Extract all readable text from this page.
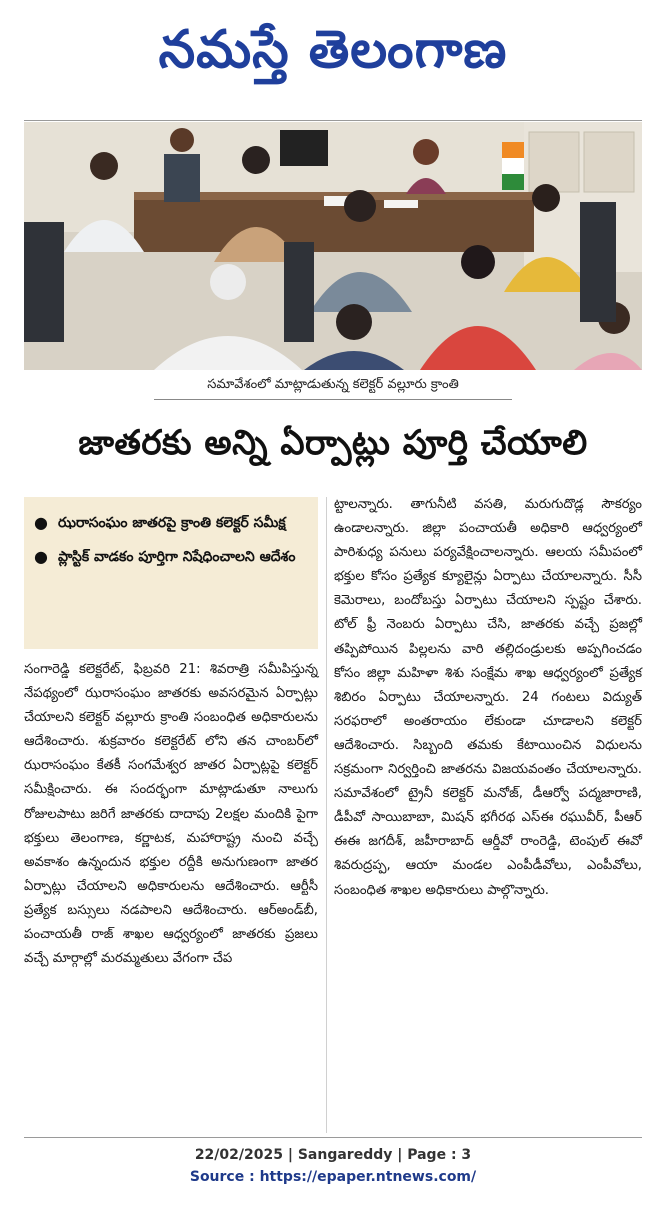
నమస్తే తెలంగాణ
సమావేశంలో మాట్లాడుతున్న కలెక్టర్ వల్లూరు క్రాంతి
జాతరకు అన్ని ఏర్పాట్లు పూర్తి చేయాలి
● ఝరాసంఘం జాతరపై క్రాంతి కలెక్టర్ సమీక్ష
● ప్లాస్టిక్ వాడకం పూర్తిగా నిషేధించాలని ఆదేశం

సంగారెడ్డి కలెక్టరేట్, ఫిబ్రవరి 21: శివరాత్రి సమీపిస్తున్న నేపథ్యంలో ఝరాసంఘం జాతరకు అవసరమైన ఏర్పాట్లు చేయాలని కలెక్టర్ వల్లూరు క్రాంతి సంబంధిత అధికారులను ఆదేశించారు. శుక్రవారం కలెక్టరేట్ లోని తన చాంబర్‌లో ఝరాసంఘం కేతకీ సంగమేశ్వర జాతర ఏర్పాట్లపై కలెక్టర్ సమీక్షించారు. ఈ సందర్భంగా మాట్లాడుతూ నాలుగు రోజులపాటు జరిగే జాతరకు దాదాపు 2లక్షల మందికి పైగా భక్తులు తెలంగాణ, కర్ణాటక, మహారాష్ట్ర నుంచి వచ్చే అవకాశం ఉన్నందున భక్తుల రద్దీకి అనుగుణంగా జాతర ఏర్పాట్లు చేయాలని అధికారులను ఆదేశించారు. ఆర్టీసీ ప్రత్యేక బస్సులు నడపాలని ఆదేశించారు. ఆర్అండ్‌బీ, పంచాయతీ రాజ్ శాఖల ఆధ్వర్యంలో జాతరకు ప్రజలు వచ్చే మార్గాల్లో మరమ్మతులు వేగంగా చేప

ట్టాలన్నారు. తాగునీటి వసతి, మరుగుదొడ్ల సౌకర్యం ఉండాలన్నారు. జిల్లా పంచాయతీ అధికారి ఆధ్వర్యంలో పారిశుధ్య పనులు పర్యవేక్షించాలన్నారు. ఆలయ సమీపంలో భక్తుల కోసం ప్రత్యేక క్యూలైన్లు ఏర్పాటు చేయాలన్నారు. సీసీ కెమెరాలు, బందోబస్తు ఏర్పాటు చేయాలని స్పష్టం చేశారు. టోల్ ఫ్రీ నెంబరు ఏర్పాటు చేసి, జాతరకు వచ్చే ప్రజల్లో తప్పిపోయిన పిల్లలను వారి తల్లిదండ్రులకు అప్పగించడం కోసం జిల్లా మహిళా శిశు సంక్షేమ శాఖ ఆధ్వర్యంలో ప్రత్యేక శిబిరం ఏర్పాటు చేయాలన్నారు. 24 గంటలు విద్యుత్ సరఫరాలో అంతరాయం లేకుండా చూడాలని కలెక్టర్ ఆదేశించారు. సిబ్బంది తమకు కేటాయించిన విధులను సక్రమంగా నిర్వర్తించి జాతరను విజయవంతం చేయాలన్నారు. సమావేశంలో ట్రైనీ కలెక్టర్ మనోజ్, డీఆర్వో పద్మజారాణి, డీపీవో సాయిబాబా, మిషన్ భగీరథ ఎస్ఈ రఘువీర్, పీఆర్ ఈఈ జగదీశ్, జహీరాబాద్ ఆర్డీవో రాంరెడ్డి, టెంపుల్ ఈవో శివరుద్రప్ప, ఆయా మండల ఎంపీడీవోలు, ఎంపీవోలు, సంబంధిత శాఖల అధికారులు పాల్గొన్నారు.

22/02/2025 | Sangareddy | Page : 3
Source : https://epaper.ntnews.com/
